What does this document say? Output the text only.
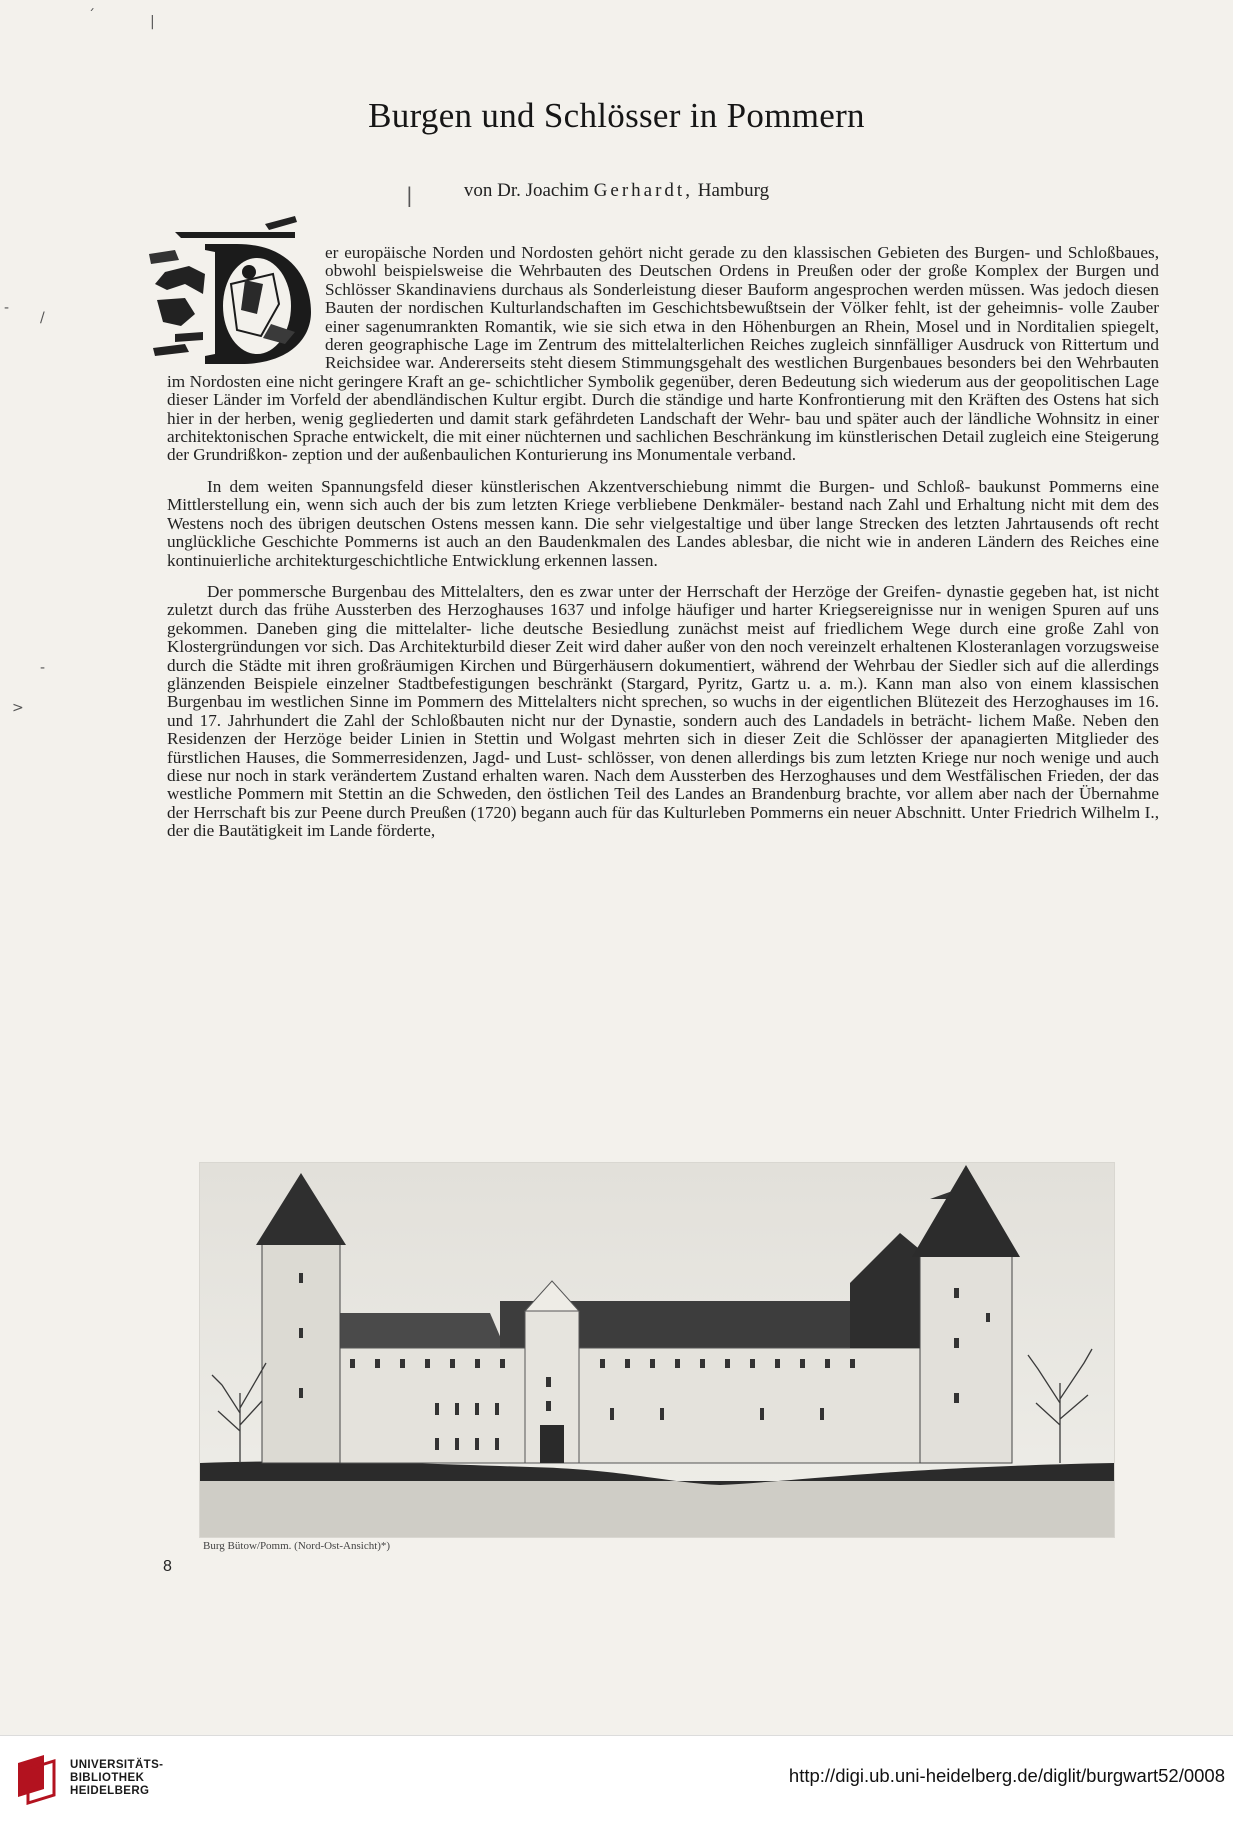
ˊ	|
-
/
-
>
|
Burgen und Schlösser in Pommern
von Dr. Joachim Gerhardt, Hamburg

er europäische Norden und Nordosten gehört nicht gerade zu den klassischen Gebieten des Burgen- und Schloßbaues, obwohl beispielsweise die Wehrbauten des Deutschen Ordens in Preußen oder der große Komplex der Burgen und Schlösser Skandinaviens durchaus als Sonderleistung dieser Bauform angesprochen werden müssen. Was jedoch diesen Bauten der nordischen Kulturlandschaften im Geschichtsbewußtsein der Völker fehlt, ist der geheimnis- volle Zauber einer sagenumrankten Romantik, wie sie sich etwa in den Höhenburgen an Rhein, Mosel und in Norditalien spiegelt, deren geographische Lage im Zentrum des mittelalterlichen Reiches zugleich sinnfälliger Ausdruck von Rittertum und Reichsidee war. Andererseits steht diesem Stimmungsgehalt des westlichen Burgenbaues besonders bei den Wehrbauten im Nordosten eine nicht geringere Kraft an ge- schichtlicher Symbolik gegenüber, deren Bedeutung sich wiederum aus der geopolitischen Lage dieser Länder im Vorfeld der abendländischen Kultur ergibt. Durch die ständige und harte Konfrontierung mit den Kräften des Ostens hat sich hier in der herben, wenig gegliederten und damit stark gefährdeten Landschaft der Wehr- bau und später auch der ländliche Wohnsitz in einer architektonischen Sprache entwickelt, die mit einer nüchternen und sachlichen Beschränkung im künstlerischen Detail zugleich eine Steigerung der Grundrißkon- zeption und der außenbaulichen Konturierung ins Monumentale verband.

In dem weiten Spannungsfeld dieser künstlerischen Akzentverschiebung nimmt die Burgen- und Schloß- baukunst Pommerns eine Mittlerstellung ein, wenn sich auch der bis zum letzten Kriege verbliebene Denkmäler- bestand nach Zahl und Erhaltung nicht mit dem des Westens noch des übrigen deutschen Ostens messen kann. Die sehr vielgestaltige und über lange Strecken des letzten Jahrtausends oft recht unglückliche Geschichte Pommerns ist auch an den Baudenkmalen des Landes ablesbar, die nicht wie in anderen Ländern des Reiches eine kontinuierliche architekturgeschichtliche Entwicklung erkennen lassen.

Der pommersche Burgenbau des Mittelalters, den es zwar unter der Herrschaft der Herzöge der Greifen- dynastie gegeben hat, ist nicht zuletzt durch das frühe Aussterben des Herzoghauses 1637 und infolge häufiger und harter Kriegsereignisse nur in wenigen Spuren auf uns gekommen. Daneben ging die mittelalter- liche deutsche Besiedlung zunächst meist auf friedlichem Wege durch eine große Zahl von Klostergründungen vor sich. Das Architekturbild dieser Zeit wird daher außer von den noch vereinzelt erhaltenen Klosteranlagen vorzugsweise durch die Städte mit ihren großräumigen Kirchen und Bürgerhäusern dokumentiert, während der Wehrbau der Siedler sich auf die allerdings glänzenden Beispiele einzelner Stadtbefestigungen beschränkt (Stargard, Pyritz, Gartz u. a. m.). Kann man also von einem klassischen Burgenbau im westlichen Sinne im Pommern des Mittelalters nicht sprechen, so wuchs in der eigentlichen Blütezeit des Herzoghauses im 16. und 17. Jahrhundert die Zahl der Schloßbauten nicht nur der Dynastie, sondern auch des Landadels in beträcht- lichem Maße. Neben den Residenzen der Herzöge beider Linien in Stettin und Wolgast mehrten sich in dieser Zeit die Schlösser der apanagierten Mitglieder des fürstlichen Hauses, die Sommerresidenzen, Jagd- und Lust- schlösser, von denen allerdings bis zum letzten Kriege nur noch wenige und auch diese nur noch in stark verändertem Zustand erhalten waren. Nach dem Aussterben des Herzoghauses und dem Westfälischen Frieden, der das westliche Pommern mit Stettin an die Schweden, den östlichen Teil des Landes an Brandenburg brachte, vor allem aber nach der Übernahme der Herrschaft bis zur Peene durch Preußen (1720) begann auch für das Kulturleben Pommerns ein neuer Abschnitt. Unter Friedrich Wilhelm I., der die Bautätigkeit im Lande förderte,

Burg Bütow/Pomm. (Nord-Ost-Ansicht)*)
8
UNIVERSITÄTS-
BIBLIOTHEK
HEIDELBERG
http://digi.ub.uni-heidelberg.de/diglit/burgwart52/0008
